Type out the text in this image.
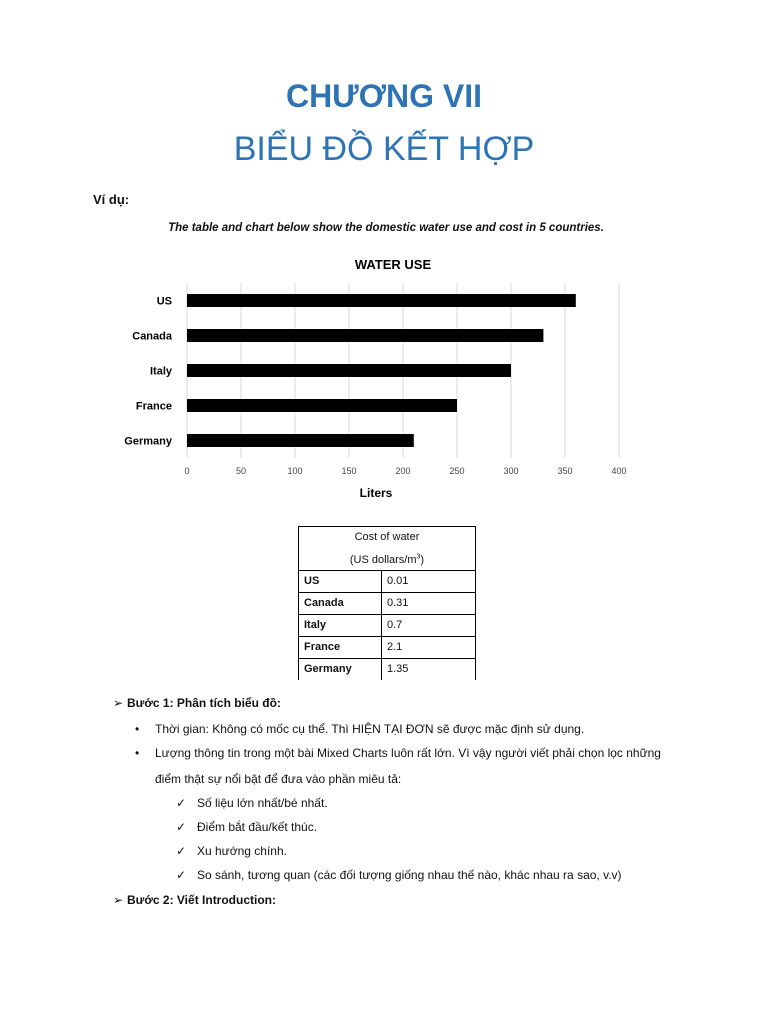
CHƯƠNG VII
BIỂU ĐỒ KẾT HỢP
Ví dụ:
The table and chart below show the domestic water use and cost in 5 countries.
WATER USE
0	50	100	150	200	250	300	350	400
US
Canada
Italy
France
Germany
Liters
Cost of water
(US dollars/$m^3$)	
US	0.01
Canada	0.31
Italy	0.7
France	2.1
Germany	1.35
➢ Bước 1: Phân tích biểu đồ:
• Thời gian: Không có mốc cụ thể. Thì HIỆN TẠI ĐƠN sẽ được mặc định sử dụng.
• Lượng thông tin trong một bài Mixed Charts luôn rất lớn. Vì vậy người viết phải chọn lọc những
điểm thật sự nổi bật để đưa vào phần miêu tả:
✓ Số liệu lớn nhất/bé nhất.
✓ Điểm bắt đầu/kết thúc.
✓ Xu hướng chính.
✓ So sánh, tương quan (các đối tượng giống nhau thế nào, khác nhau ra sao, v.v)
➢ Bước 2: Viết Introduction:
